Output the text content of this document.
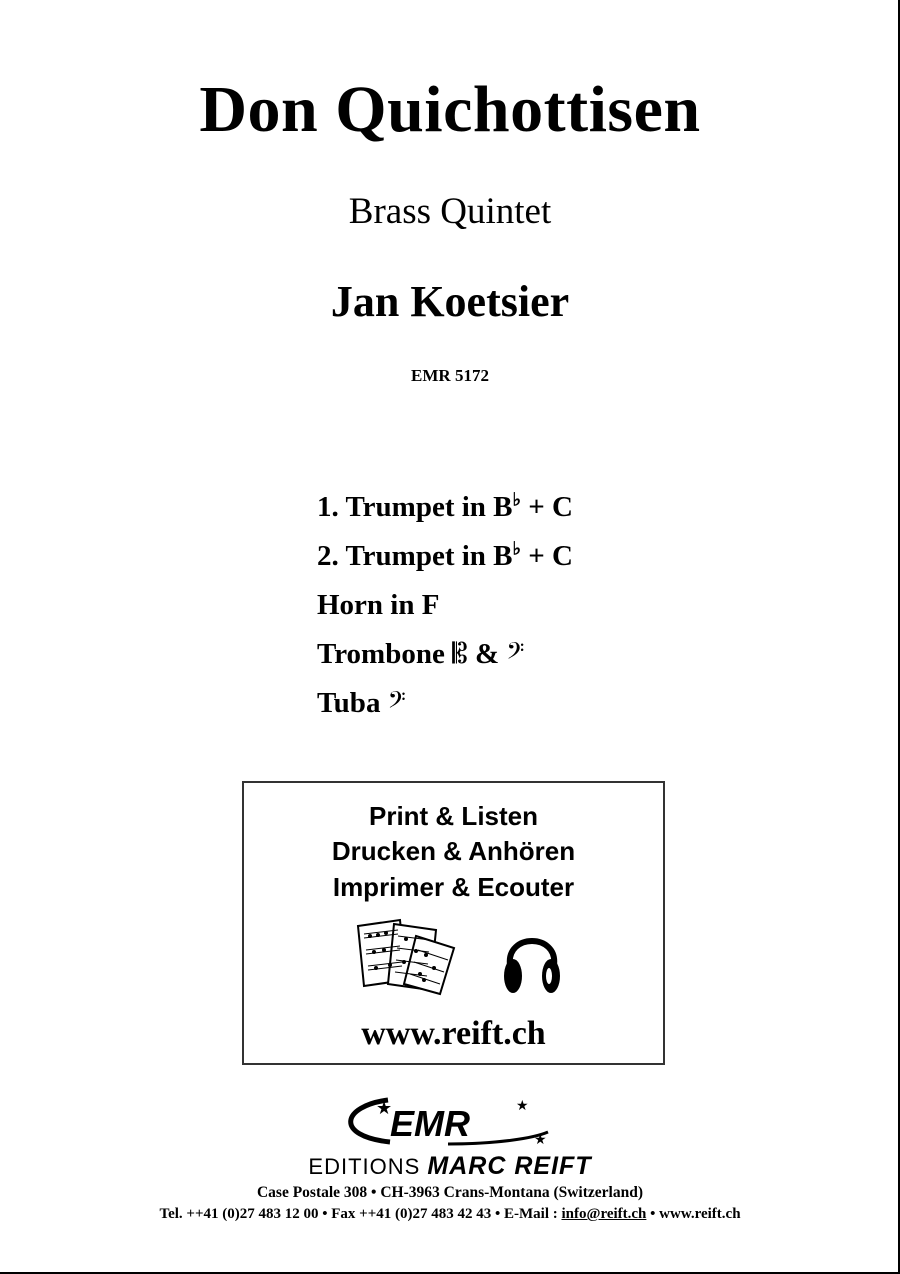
Don Quichottisen
Brass Quintet
Jan Koetsier
EMR 5172
1. Trumpet in B♭ + C
2. Trumpet in B♭ + C
Horn in F
Trombone 𝄡 & 𝄢
Tuba 𝄢
Print & Listen
Drucken & Anhören
Imprimer & Ecouter
www.reift.ch
★	★
★
EMR
EDITIONS MARC REIFT
Case Postale 308 • CH-3963 Crans-Montana (Switzerland)
Tel. ++41 (0)27 483 12 00 • Fax ++41 (0)27 483 42 43 • E-Mail : info@reift.ch • www.reift.ch
